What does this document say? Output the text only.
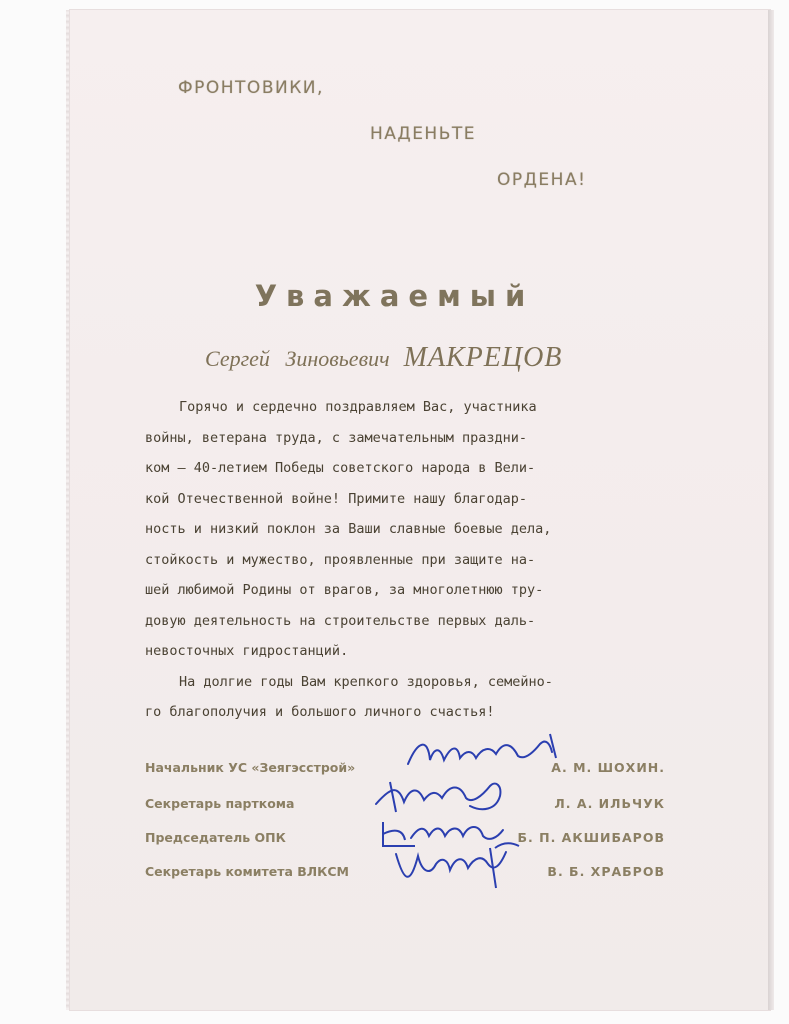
ФРОНТОВИКИ,
НАДЕНЬТЕ
ОРДЕНА!
Уважаемый
Сергей Зиновьевич МАКРЕЦОВ
Горячо и сердечно поздравляем Вас, участника
войны, ветерана труда, с замечательным праздни-
ком — 40-летием Победы советского народа в Вели-
кой Отечественной войне! Примите нашу благодар-
ность и низкий поклон за Ваши славные боевые дела,
стойкость и мужество, проявленные при защите на-
шей любимой Родины от врагов, за многолетнюю тру-
довую деятельность на строительстве первых даль-
невосточных гидростанций.
На долгие годы Вам крепкого здоровья, семейно-
го благополучия и большого личного счастья!
Начальник УС «Зеягэсстрой»	А. М. ШОХИН.
Секретарь парткома	Л. А. ИЛЬЧУК
Председатель ОПК	Б. П. АКШИБАРОВ
Секретарь комитета ВЛКСМ	В. Б. ХРАБРОВ
